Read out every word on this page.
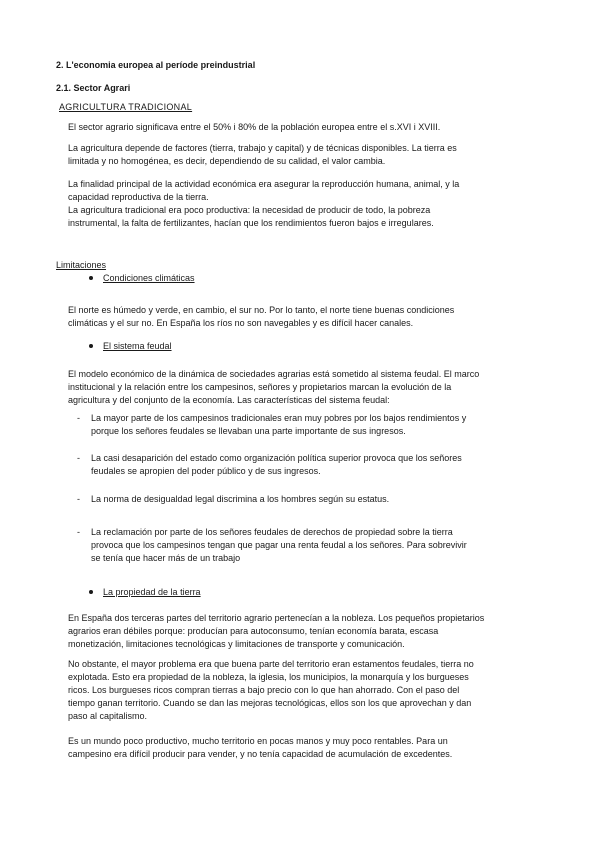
2. L'economia europea al període preindustrial
2.1. Sector Agrari
AGRICULTURA TRADICIONAL
El sector agrario significava entre el 50% i 80% de la población europea entre el s.XVI i XVIII.
La agricultura depende de factores (tierra, trabajo y capital) y de técnicas disponibles. La tierra es
limitada y no homogénea, es decir, dependiendo de su calidad, el valor cambia.
La finalidad principal de la actividad económica era asegurar la reproducción humana, animal, y la
capacidad reproductiva de la tierra.
La agricultura tradicional era poco productiva: la necesidad de producir de todo, la pobreza
instrumental, la falta de fertilizantes, hacían que los rendimientos fueron bajos e irregulares.
Limitaciones
Condiciones climáticas
El norte es húmedo y verde, en cambio, el sur no. Por lo tanto, el norte tiene buenas condiciones
climáticas y el sur no. En España los ríos no son navegables y es difícil hacer canales.
El sistema feudal
El modelo económico de la dinámica de sociedades agrarias está sometido al sistema feudal. El marco
institucional y la relación entre los campesinos, señores y propietarios marcan la evolución de la
agricultura y del conjunto de la economía. Las características del sistema feudal:
- La mayor parte de los campesinos tradicionales eran muy pobres por los bajos rendimientos y
porque los señores feudales se llevaban una parte importante de sus ingresos.
- La casi desaparición del estado como organización política superior provoca que los señores
feudales se apropien del poder público y de sus ingresos.
- La norma de desigualdad legal discrimina a los hombres según su estatus.
- La reclamación por parte de los señores feudales de derechos de propiedad sobre la tierra
provoca que los campesinos tengan que pagar una renta feudal a los señores. Para sobrevivir
se tenía que hacer más de un trabajo
La propiedad de la tierra
En España dos terceras partes del territorio agrario pertenecían a la nobleza. Los pequeños propietarios
agrarios eran débiles porque: producían para autoconsumo, tenían economía barata, escasa
monetización, limitaciones tecnológicas y limitaciones de transporte y comunicación.
No obstante, el mayor problema era que buena parte del territorio eran estamentos feudales, tierra no
explotada. Esto era propiedad de la nobleza, la iglesia, los municipios, la monarquía y los burgueses
ricos. Los burgueses ricos compran tierras a bajo precio con lo que han ahorrado. Con el paso del
tiempo ganan territorio. Cuando se dan las mejoras tecnológicas, ellos son los que aprovechan y dan
paso al capitalismo.
Es un mundo poco productivo, mucho territorio en pocas manos y muy poco rentables. Para un
campesino era difícil producir para vender, y no tenía capacidad de acumulación de excedentes.
